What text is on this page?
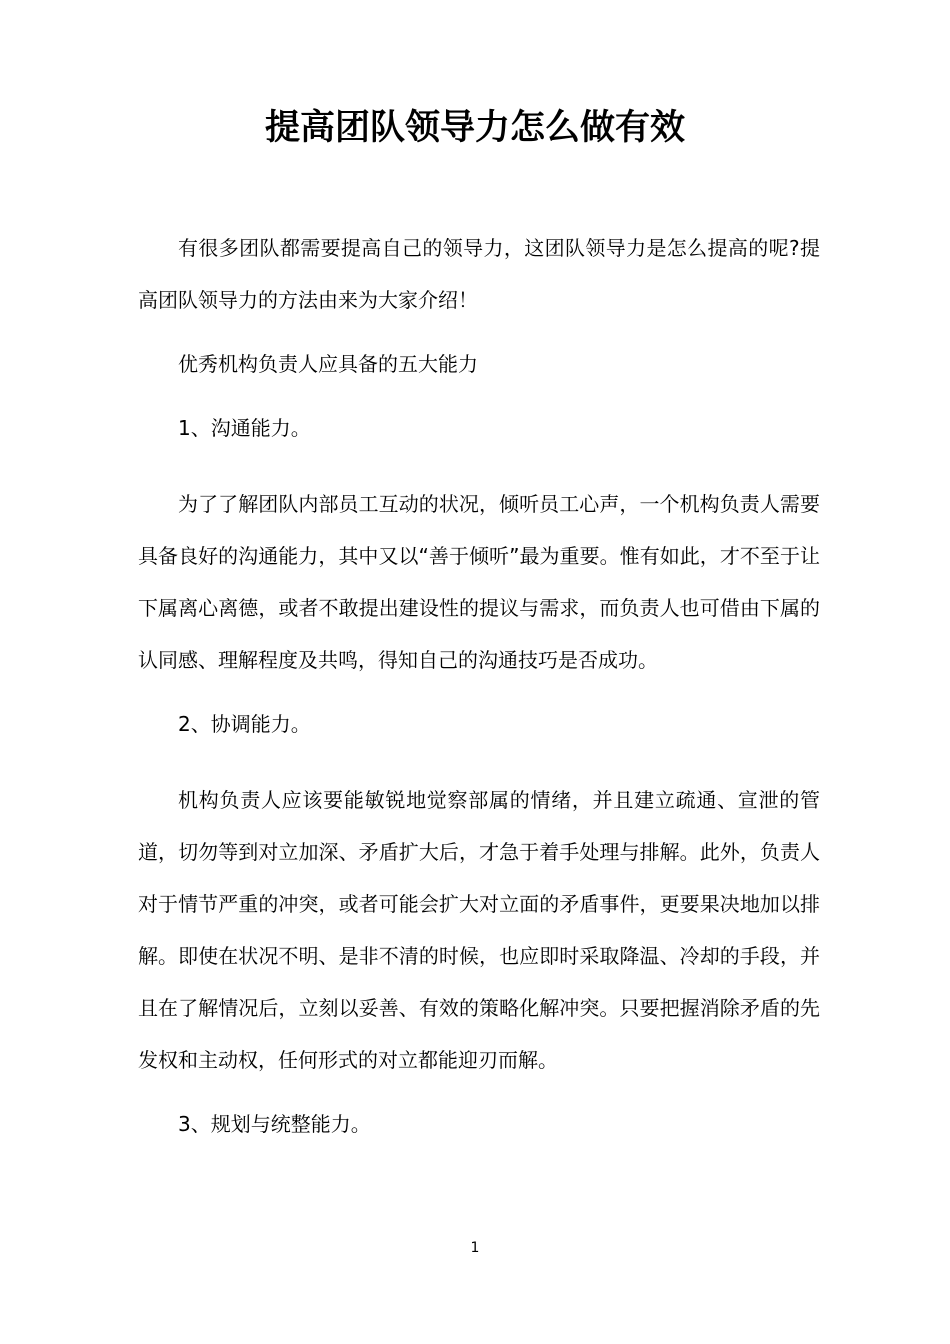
提高团队领导力怎么做有效

有很多团队都需要提高自己的领导力，这团队领导力是怎么提高的呢?提高团队领导力的方法由来为大家介绍！

优秀机构负责人应具备的五大能力

1、沟通能力。

为了了解团队内部员工互动的状况，倾听员工心声，一个机构负责人需要具备良好的沟通能力，其中又以“善于倾听”最为重要。惟有如此，才不至于让下属离心离德，或者不敢提出建设性的提议与需求，而负责人也可借由下属的认同感、理解程度及共鸣，得知自己的沟通技巧是否成功。

2、协调能力。

机构负责人应该要能敏锐地觉察部属的情绪，并且建立疏通、宣泄的管道，切勿等到对立加深、矛盾扩大后，才急于着手处理与排解。此外，负责人对于情节严重的冲突，或者可能会扩大对立面的矛盾事件，更要果决地加以排解。即使在状况不明、是非不清的时候，也应即时采取降温、冷却的手段，并且在了解情况后，立刻以妥善、有效的策略化解冲突。只要把握消除矛盾的先发权和主动权，任何形式的对立都能迎刃而解。

3、规划与统整能力。

1
